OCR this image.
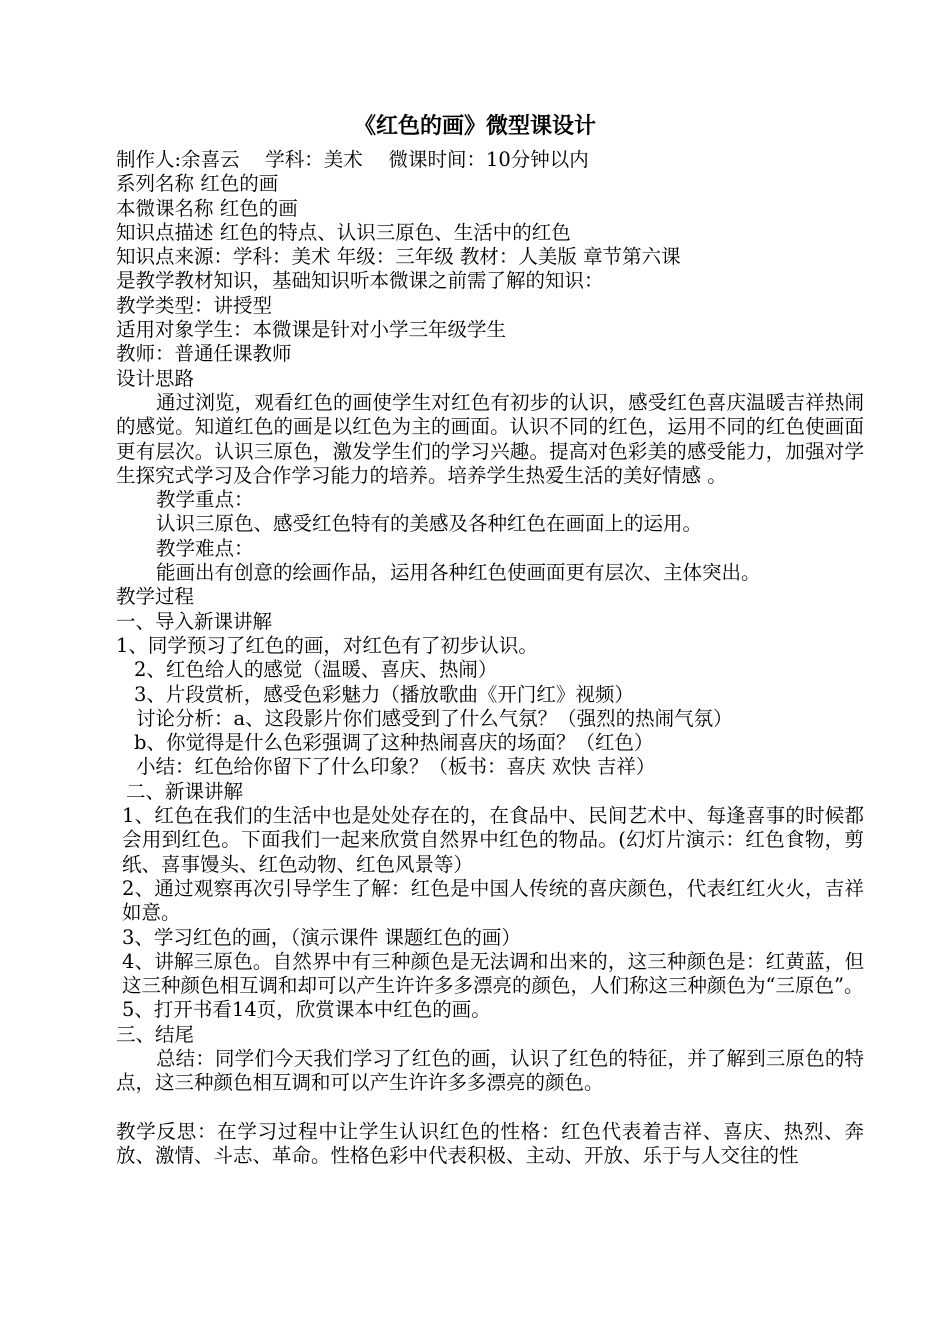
《红色的画》微型课设计
制作人:余喜云　 学科：美术　 微课时间：10分钟以内
系列名称 红色的画
本微课名称 红色的画
知识点描述 红色的特点、认识三原色、生活中的红色
知识点来源：学科：美术 年级：三年级 教材：人美版 章节第六课
是教学教材知识，基础知识听本微课之前需了解的知识：
教学类型：讲授型
适用对象学生：本微课是针对小学三年级学生
教师：普通任课教师
设计思路
通过浏览，观看红色的画使学生对红色有初步的认识，感受红色喜庆温暖吉祥热闹的感觉。知道红色的画是以红色为主的画面。认识不同的红色，运用不同的红色使画面更有层次。认识三原色，激发学生们的学习兴趣。提高对色彩美的感受能力，加强对学生探究式学习及合作学习能力的培养。培养学生热爱生活的美好情感 。
教学重点：
认识三原色、感受红色特有的美感及各种红色在画面上的运用。
教学难点：
能画出有创意的绘画作品，运用各种红色使画面更有层次、主体突出。
教学过程
一、导入新课讲解
1、同学预习了红色的画，对红色有了初步认识。
2、红色给人的感觉（温暖、喜庆、热闹）
3、片段赏析，感受色彩魅力（播放歌曲《开门红》视频）
讨论分析：a、这段影片你们感受到了什么气氛？（强烈的热闹气氛）
b、你觉得是什么色彩强调了这种热闹喜庆的场面？（红色）
小结：红色给你留下了什么印象？（板书：喜庆 欢快 吉祥）
二、新课讲解
1、红色在我们的生活中也是处处存在的，在食品中、民间艺术中、每逢喜事的时候都会用到红色。下面我们一起来欣赏自然界中红色的物品。(幻灯片演示：红色食物，剪纸、喜事馒头、红色动物、红色风景等）
2、通过观察再次引导学生了解：红色是中国人传统的喜庆颜色，代表红红火火，吉祥如意。
3、学习红色的画，（演示课件 课题红色的画）
4、讲解三原色。自然界中有三种颜色是无法调和出来的，这三种颜色是：红黄蓝，但这三种颜色相互调和却可以产生许许多多漂亮的颜色，人们称这三种颜色为“三原色”。
5、打开书看14页，欣赏课本中红色的画。
三、结尾
总结：同学们今天我们学习了红色的画，认识了红色的特征，并了解到三原色的特点，这三种颜色相互调和可以产生许许多多漂亮的颜色。
教学反思：在学习过程中让学生认识红色的性格：红色代表着吉祥、喜庆、热烈、奔放、激情、斗志、革命。性格色彩中代表积极、主动、开放、乐于与人交往的性
